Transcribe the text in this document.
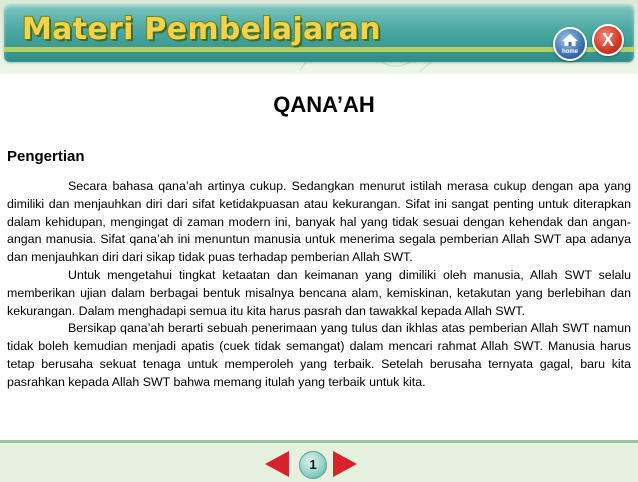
Materi Pembelajaran
home
X
QANA’AH
Pengertian

Secara bahasa qana’ah artinya cukup. Sedangkan menurut istilah merasa cukup dengan apa yang dimiliki dan menjauhkan diri dari sifat ketidakpuasan atau kekurangan. Sifat ini sangat penting untuk diterapkan dalam kehidupan, mengingat di zaman modern ini, banyak hal yang tidak sesuai dengan kehendak dan angan-angan manusia. Sifat qana’ah ini menuntun manusia untuk menerima segala pemberian Allah SWT apa adanya dan menjauhkan diri dari sikap tidak puas terhadap pemberian Allah SWT.

Untuk mengetahui tingkat ketaatan dan keimanan yang dimiliki oleh manusia, Allah SWT selalu memberikan ujian dalam berbagai bentuk misalnya bencana alam, kemiskinan, ketakutan yang berlebihan dan kekurangan. Dalam menghadapi semua itu kita harus pasrah dan tawakkal kepada Allah SWT.

Bersikap qana’ah berarti sebuah penerimaan yang tulus dan ikhlas atas pemberian Allah SWT namun tidak boleh kemudian menjadi apatis (cuek tidak semangat) dalam mencari rahmat Allah SWT. Manusia harus tetap berusaha sekuat tenaga untuk memperoleh yang terbaik. Setelah berusaha ternyata gagal, baru kita pasrahkan kepada Allah SWT bahwa memang itulah yang terbaik untuk kita.

1
